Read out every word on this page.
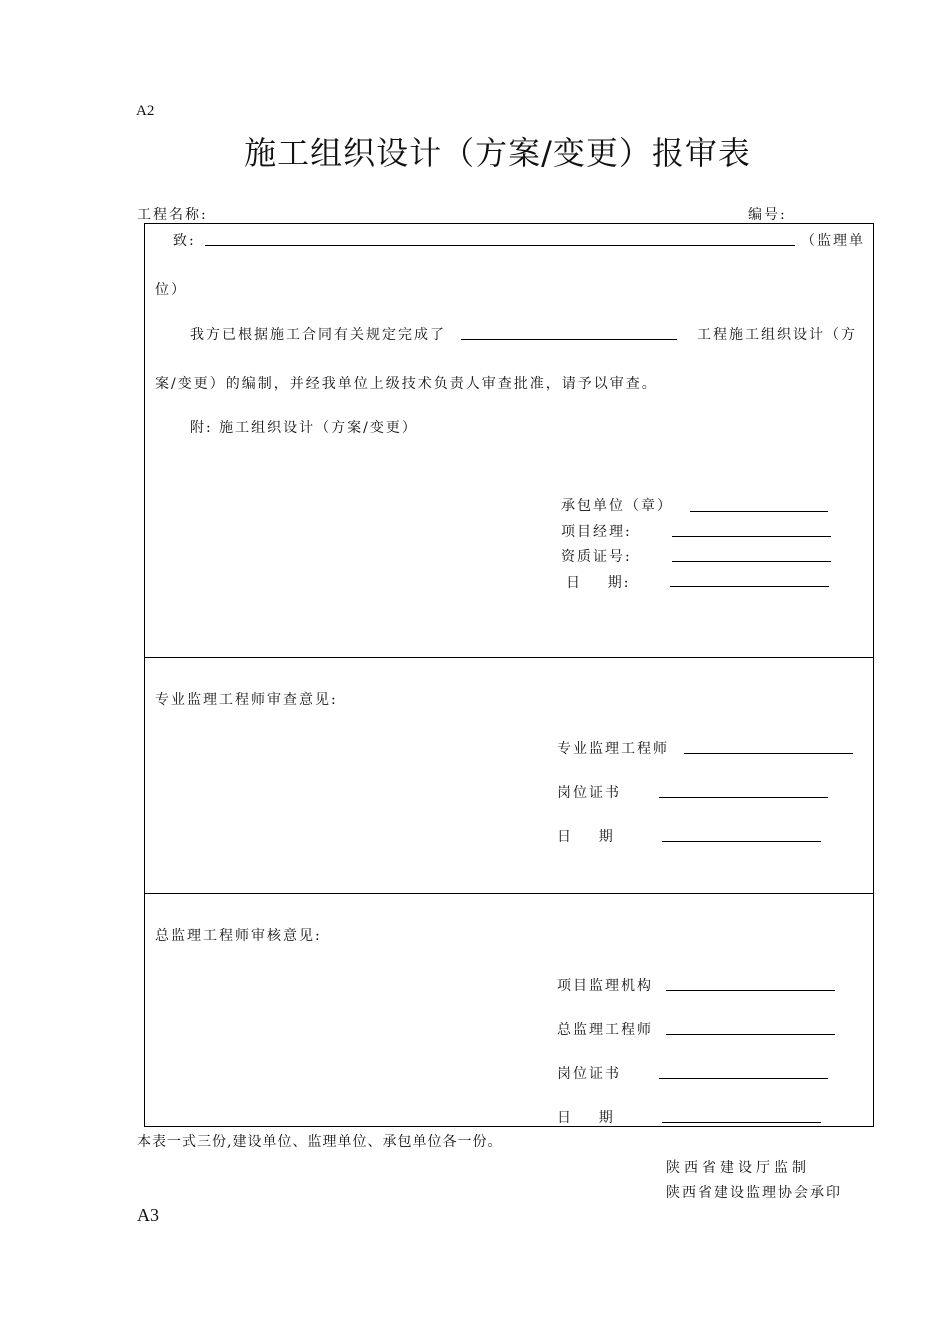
A2
施工组织设计（方案/变更）报审表
工程名称:	编号:
致:	（监理单
位）
我方已根据施工合同有关规定完成了	工程施工组织设计（方
案/变更）的编制，并经我单位上级技术负责人审查批准，请予以审查。
附: 施工组织设计（方案/变更）
承包单位（章）
项目经理:
资质证号:
日    期:
专业监理工程师审查意见:
专业监理工程师
岗位证书
日    期
总监理工程师审核意见:
项目监理机构
总监理工程师
岗位证书
日    期
本表一式三份,建设单位、监理单位、承包单位各一份。
陕西省建设厅监制
陕西省建设监理协会承印
A3
